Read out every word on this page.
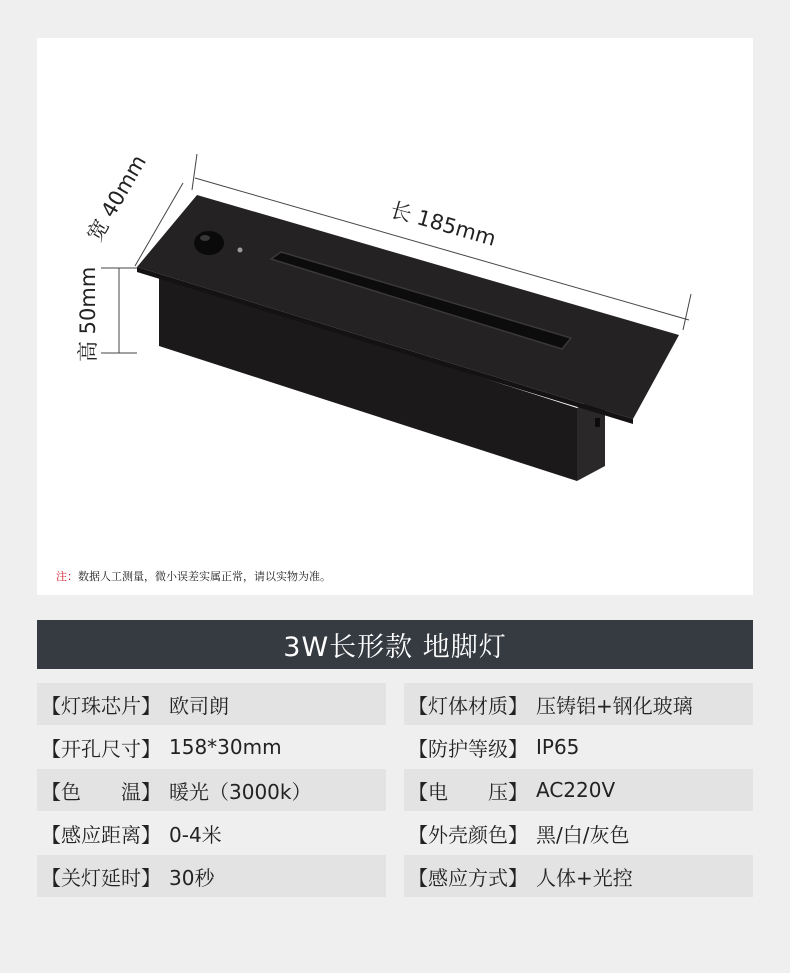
长 185mm
宽 40mm
高 50mm
注：数据人工测量，微小误差实属正常，请以实物为准。
3W长形款 地脚灯
【灯珠芯片】 欧司朗	【灯体材质】 压铸铝+钢化玻璃
【开孔尺寸】 158*30mm	【防护等级】 IP65
【色　　温】 暖光（3000k）	【电　　压】 AC220V
【感应距离】 0-4米	【外壳颜色】 黑/白/灰色
【关灯延时】 30秒	【感应方式】 人体+光控
